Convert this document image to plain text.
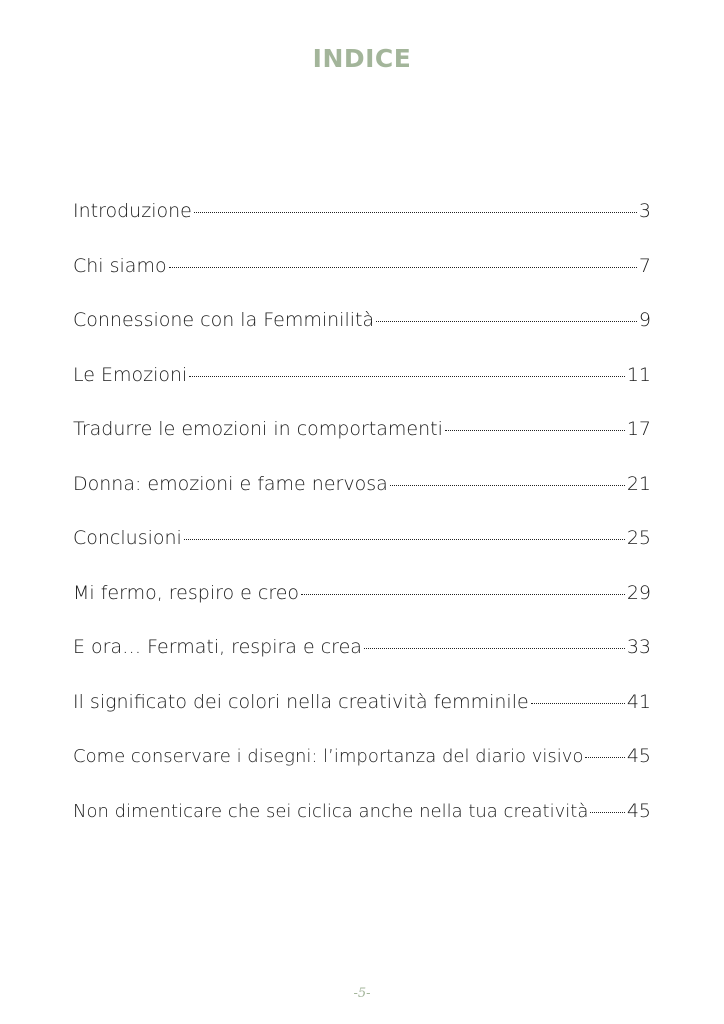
INDICE
Introduzione	3
Chi siamo	7
Connessione con la Femminilità	9
Le Emozioni	11
Tradurre le emozioni in comportamenti	17
Donna: emozioni e fame nervosa	21
Conclusioni	25
Mi fermo, respiro e creo	29
E ora… Fermati, respira e crea	33
Il significato dei colori nella creatività femminile	41
Come conservare i disegni: l’importanza del diario visivo 45
Non dimenticare che sei ciclica anche nella tua creatività 45
-5-
